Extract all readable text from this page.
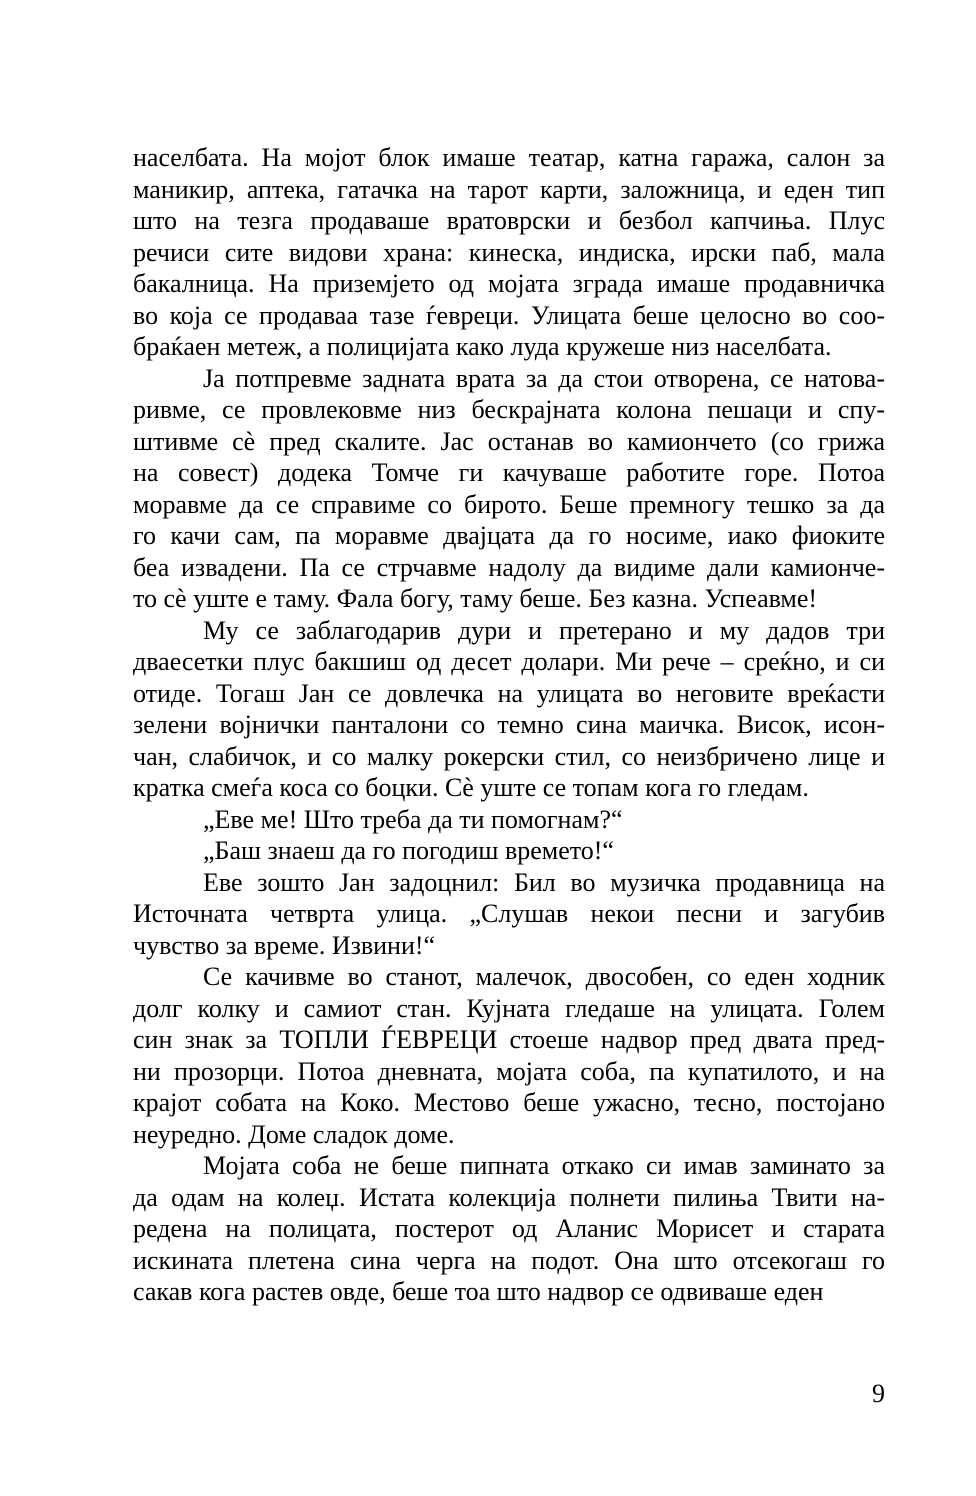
населбата. На мојот блок имаше театар, катна гаража, салон за
маникир, аптека, гатачка на тарот карти, заложница, и еден тип
што на тезга продаваше вратоврски и безбол капчиња. Плус
речиси сите видови храна: кинеска, индиска, ирски паб, мала
бакалница. На приземјето од мојата зграда имаше продавничка
во која се продаваа тазе ѓевреци. Улицата беше целосно во соо-
браќаен метеж, а полицијата како луда кружеше низ населбата.

Ја потпревме задната врата за да стои отворена, се натова-
ривме, се провлековме низ бескрајната колона пешаци и спу-
штивме сè пред скалите. Јас останав во камиончето (со грижа
на совест) додека Томче ги качуваше работите горе. Потоа
моравме да се справиме со бирото. Беше премногу тешко за да
го качи сам, па моравме двајцата да го носиме, иако фиоките
беа извадени. Па се стрчавме надолу да видиме дали камионче-
то сè уште е таму. Фала богу, таму беше. Без казна. Успеавме!

Му се заблагодарив дури и претерано и му дадов три
дваесетки плус бакшиш од десет долари. Ми рече – среќно, и си
отиде. Тогаш Јан се довлечка на улицата во неговите вреќасти
зелени војнички панталони со темно сина маичка. Висок, исон-
чан, слабичок, и со малку рокерски стил, со неизбричено лице и
кратка смеѓа коса со боцки. Сè уште се топам кога го гледам.

„Еве ме! Што треба да ти помогнам?“

„Баш знаеш да го погодиш времето!“

Еве зошто Јан задоцнил: Бил во музичка продавница на
Источната четврта улица. „Слушав некои песни и загубив
чувство за време. Извини!“

Се качивме во станот, малечок, двособен, со еден ходник
долг колку и самиот стан. Кујната гледаше на улицата. Голем
син знак за ТОПЛИ ЃЕВРЕЦИ стоеше надвор пред двата пред-
ни прозорци. Потоа дневната, мојата соба, па купатилото, и на
крајот собата на Коко. Местово беше ужасно, тесно, постојано
неуредно. Доме сладок доме.

Мојата соба не беше пипната откако си имав заминато за
да одам на колеџ. Истата колекција полнети пилиња Твити на-
редена на полицата, постерот од Аланис Морисет и старата
искината плетена сина черга на подот. Она што отсекогаш го
сакав кога растев овде, беше тоа што надвор се одвиваше еден

9
